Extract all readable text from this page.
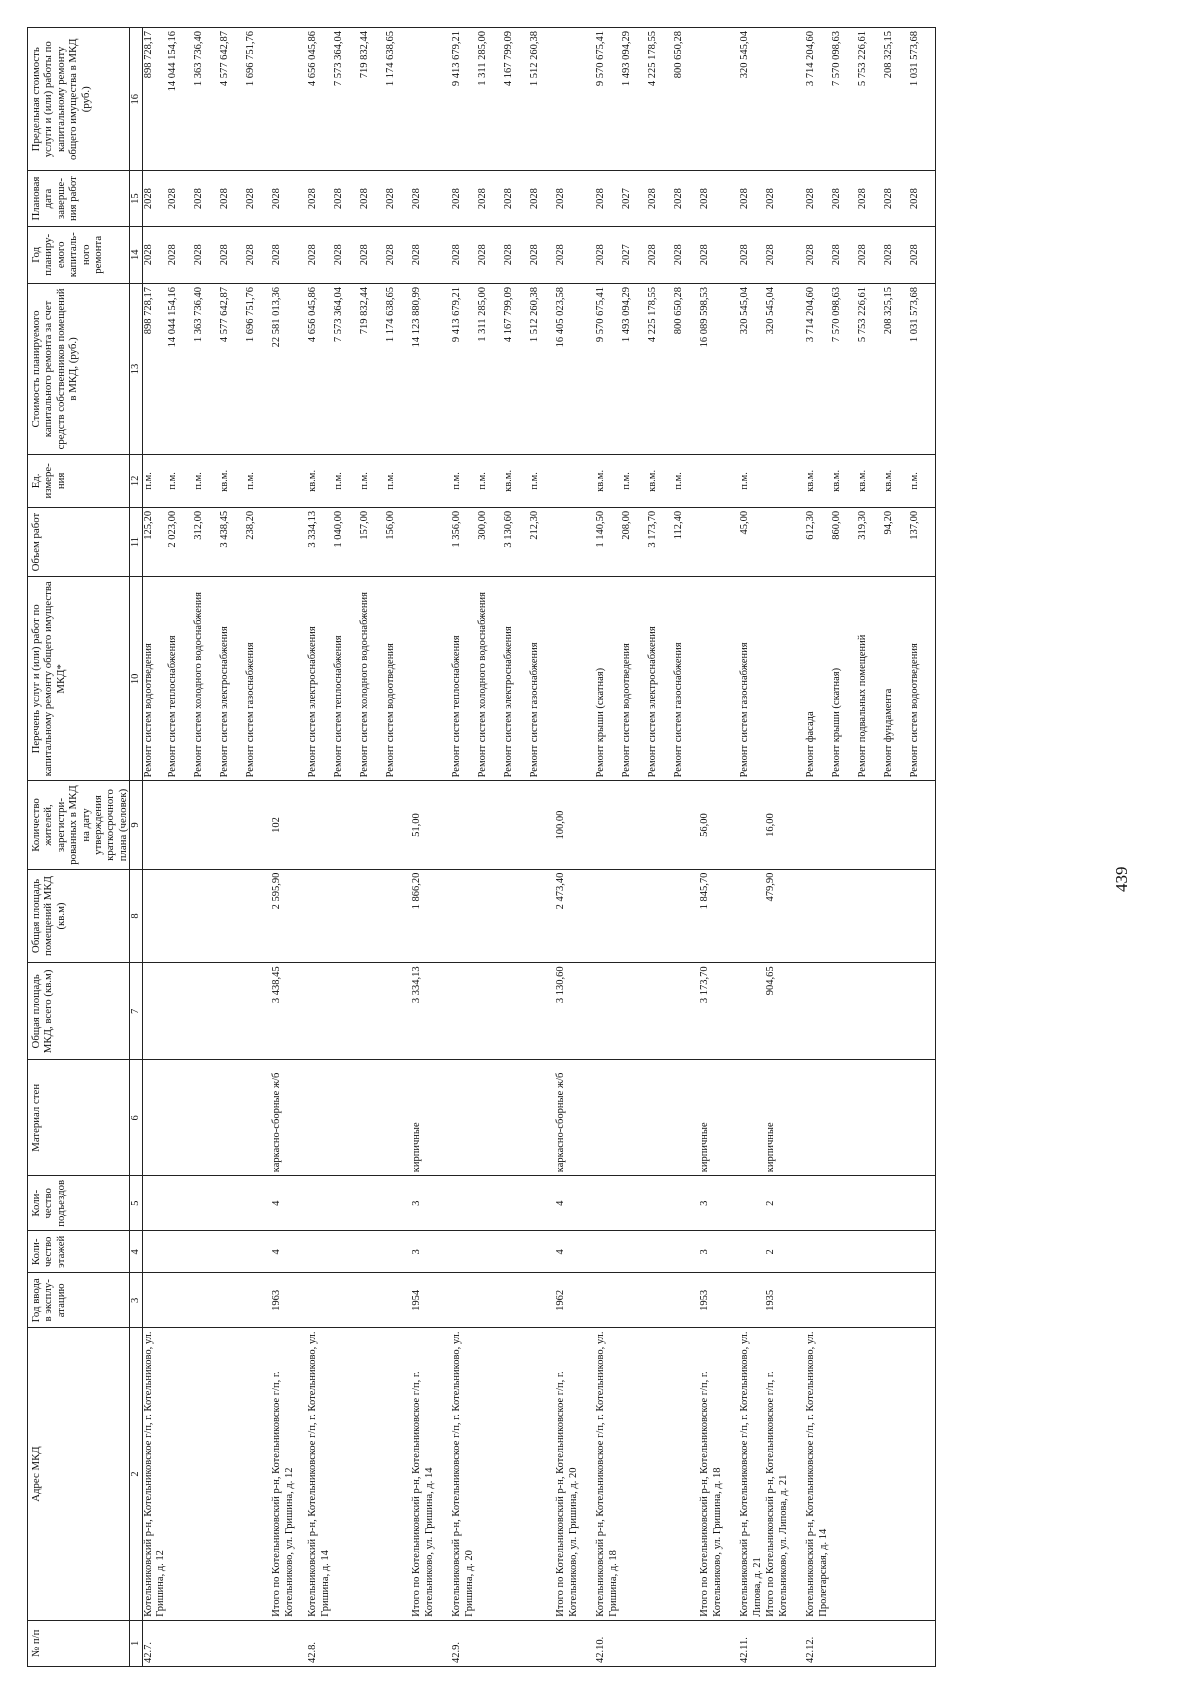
439
№ п/п	Адрес МКД	Год ввода в эксплу-атацию	Коли-чество этажей	Коли-чество подъездов	Материал стен	Общая площадь МКД, всего (кв.м)	Общая площадь помещений МКД (кв.м)	Количество жителей, зарегистри-рованных в МКД на дату утверждения краткосрочного плана (человек)	Перечень услуг и (или) работ по капитальному ремонту общего имущества МКД*	Объем работ	Ед. измере-ния	Стоимость планируемого капитального ремонта за счет средств собственников помещений в МКД, (руб.)	Год планиру-емого капиталь-ного ремонта	Плановая дата заверше-ния работ	Предельная стоимость услуги и (или) работы по капитальному ремонту общего имущества в МКД (руб.)
1	2	3	4	5	6	7	8	9	10	11	12	13	14	15	16
42.7.	Котельниковский р-н, Котельниковское г/п, г. Котельниково, ул. Гришина, д. 12								Ремонт систем водоотведения	125,20	п.м.	898 728,17	2028	2028	898 728,17
									Ремонт систем теплоснабжения	2 023,00	п.м.	14 044 154,16	2028	2028	14 044 154,16
									Ремонт систем холодного водоснабжения	312,00	п.м.	1 363 736,40	2028	2028	1 363 736,40
									Ремонт систем электроснабжения	3 438,45	кв.м.	4 577 642,87	2028	2028	4 577 642,87
									Ремонт систем газоснабжения	238,20	п.м.	1 696 751,76	2028	2028	1 696 751,76
	Итого по Котельниковский р-н, Котельниковское г/п, г. Котельниково, ул. Гришина, д. 12	1963	4	4	каркасно-сборные ж/б	3 438,45	2 595,90	102				22 581 013,36	2028	2028	
42.8.	Котельниковский р-н, Котельниковское г/п, г. Котельниково, ул. Гришина, д. 14								Ремонт систем электроснабжения	3 334,13	кв.м.	4 656 045,86	2028	2028	4 656 045,86
									Ремонт систем теплоснабжения	1 040,00	п.м.	7 573 364,04	2028	2028	7 573 364,04
									Ремонт систем холодного водоснабжения	157,00	п.м.	719 832,44	2028	2028	719 832,44
									Ремонт систем водоотведения	156,00	п.м.	1 174 638,65	2028	2028	1 174 638,65
	Итого по Котельниковский р-н, Котельниковское г/п, г. Котельниково, ул. Гришина, д. 14	1954	3	3	кирпичные	3 334,13	1 866,20	51,00				14 123 880,99	2028	2028	
42.9.	Котельниковский р-н, Котельниковское г/п, г. Котельниково, ул. Гришина, д. 20								Ремонт систем теплоснабжения	1 356,00	п.м.	9 413 679,21	2028	2028	9 413 679,21
									Ремонт систем холодного водоснабжения	300,00	п.м.	1 311 285,00	2028	2028	1 311 285,00
									Ремонт систем электроснабжения	3 130,60	кв.м.	4 167 799,09	2028	2028	4 167 799,09
									Ремонт систем газоснабжения	212,30	п.м.	1 512 260,38	2028	2028	1 512 260,38
	Итого по Котельниковский р-н, Котельниковское г/п, г. Котельниково, ул. Гришина, д. 20	1962	4	4	каркасно-сборные ж/б	3 130,60	2 473,40	100,00				16 405 023,58	2028	2028	
42.10.	Котельниковский р-н, Котельниковское г/п, г. Котельниково, ул. Гришина, д. 18								Ремонт крыши (скатная)	1 140,50	кв.м.	9 570 675,41	2028	2028	9 570 675,41
									Ремонт систем водоотведения	208,00	п.м.	1 493 094,29	2027	2027	1 493 094,29
									Ремонт систем электроснабжения	3 173,70	кв.м.	4 225 178,55	2028	2028	4 225 178,55
									Ремонт систем газоснабжения	112,40	п.м.	800 650,28	2028	2028	800 650,28
	Итого по Котельниковский р-н, Котельниковское г/п, г. Котельниково, ул. Гришина, д. 18	1953	3	3	кирпичные	3 173,70	1 845,70	56,00				16 089 598,53	2028	2028	
42.11.	Котельниковский р-н, Котельниковское г/п, г. Котельниково, ул. Липова, д. 21								Ремонт систем газоснабжения	45,00	п.м.	320 545,04	2028	2028	320 545,04
	Итого по Котельниковский р-н, Котельниковское г/п, г. Котельниково, ул. Липова, д. 21	1935	2	2	кирпичные	904,65	479,90	16,00				320 545,04	2028	2028	
42.12.	Котельниковский р-н, Котельниковское г/п, г. Котельниково, ул. Пролетарская, д. 14								Ремонт фасада	612,30	кв.м.	3 714 204,60	2028	2028	3 714 204,60
									Ремонт крыши (скатная)	860,00	кв.м.	7 570 098,63	2028	2028	7 570 098,63
									Ремонт подвальных помещений	319,30	кв.м.	5 753 226,61	2028	2028	5 753 226,61
									Ремонт фундамента	94,20	кв.м.	208 325,15	2028	2028	208 325,15
									Ремонт систем водоотведения	137,00	п.м.	1 031 573,68	2028	2028	1 031 573,68
